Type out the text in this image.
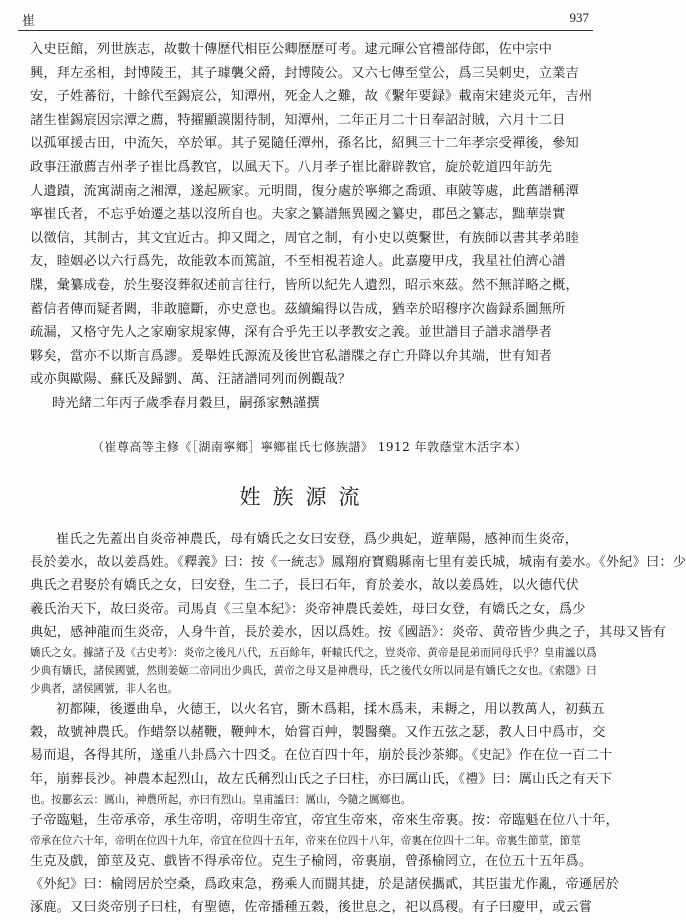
崔	937

入史臣館，列世族志，故數十傳歷代相臣公卿歷歷可考。逮元暉公官禮部侍郎，佐中宗中

興，拜左丞相，封博陵王，其子璩襲父爵，封博陵公。又六七傳至堂公，爲三吴刺史，立業吉

安，子姓蕃衍，十餘代至錫宸公，知潭州，死金人之難，故《繫年要録》載南宋建炎元年，吉州

諸生崔錫宸因宗潭之薦，特擢顯謨閣待制，知潭州，二年正月二十日奉詔討賊，六月十二日

以孤軍援古田，中流矢，卒於軍。其子冕隨任潭州，孫名比，紹興三十二年孝宗受禪後，參知

政事汪澈薦吉州孝子崔比爲教官，以風天下。八月孝子崔比辭辟教官，旋於乾道四年訪先

人遺蹟，流寓湖南之湘潭，遂起厥家。元明間，復分處於寧鄉之喬頭、車陂等處，此舊譜稱潭

寧崔氏者，不忘乎始遷之基以沒所自也。夫家之纂譜無異國之纂史，郡邑之纂志，黜華崇實

以徵信，其制古，其文宜近古。抑又聞之，周官之制，有小史以奠繫世，有族師以書其孝弟睦

友，睦姻必以六行爲先，故能敦本而篤誼，不至相視若途人。此嘉慶甲戌，我星社伯濟心譜

牒，彙纂成卷，於生娶沒葬叙述前言往行，皆所以紀先人遺烈，昭示來茲。然不無詳略之概，

蓄信者傳而疑者闕，非敢臆斷，亦史意也。茲續編得以告成，猶幸於昭穆序次齒録系圖無所

疏漏，又格守先人之家廟家規家傳，深有合乎先王以孝教安之義。並世譜目子譜求譜學者

夥矣，當亦不以斯言爲謬。爰舉姓氏源流及後世官私譜牒之存亡升降以弁其端，世有知者

或亦與歐陽、蘇氏及歸劉、萬、汪諸譜同列而例觀哉？

時光緒二年丙子歲季春月穀旦，嗣孫家𤍠謹撰

（崔尊高等主修《［湖南寧鄉］寧鄉崔氏七修族譜》 1912 年敦蔭堂木活字本）
姓族源流

崔氏之先蓋出自炎帝神農氏，母有嬌氏之女曰安登，爲少典妃，遊華陽，感神而生炎帝，

長於姜水，故以姜爲姓。《釋義》曰：按《一統志》鳳翔府寶鷄縣南七里有姜氏城，城南有姜水。《外紀》曰：少

典氏之君娶於有嬌氏之女，曰安登，生二子，長曰石年，育於姜水，故以姜爲姓，以火德代伏

羲氏治天下，故曰炎帝。司馬貞《三皇本紀》：炎帝神農氏姜姓，母曰女登，有嬌氏之女，爲少

典妃，感神龍而生炎帝，人身牛首，長於姜水，因以爲姓。按《國語》：炎帝、黄帝皆少典之子，其母又皆有

嬌氏之女。據諸子及《古史考》：炎帝之後凡八代，五百餘年，軒轅氏代之，豈炎帝、黄帝是昆弟而同母氏乎？皇甫謐以爲

少典有嬌氏，諸侯國號，然則姜姬二帝同出少典氏，黄帝之母又是神農母，氏之後代女所以同是有嬌氏之女也。《索隱》曰

少典者，諸侯國號，非人名也。

初都陳，後遷曲阜，火德王，以火名官，斵木爲耜，揉木爲耒，耒耨之，用以教萬人，初蓺五

穀，故號神農氏。作蜡祭以赭鞭，鞭艸木，始嘗百艸，製醫藥。又作五弦之瑟，教人日中爲市，交

易而退，各得其所，遂重八卦爲六十四爻。在位百四十年，崩於長沙茶鄉。《史記》作在位一百二十

年，崩葬長沙。神農本起烈山，故左氏稱烈山氏之子曰柱，亦曰厲山氏，《禮》曰：厲山氏之有天下

也。按酈玄云：厲山，神農所起，亦曰有烈山。皇甫謐曰：厲山，今隨之厲鄉也。

子帝臨魁，生帝承帝，承生帝明，帝明生帝宜，帝宜生帝來，帝來生帝裏。按：帝臨魁在位八十年，

帝承在位六十年，帝明在位四十九年，帝宜在位四十五年，帝來在位四十八年，帝裏在位四十二年。帝裏生節莖，節莖

生克及戲，節莖及克、戲皆不得承帝位。克生子榆罔，帝裏崩，曾孫榆罔立，在位五十五年爲。

《外紀》曰：榆罔居於空桑，爲政束急，務乘人而闘其捷，於是諸侯攜貳，其臣蚩尤作亂，帝遜居於

涿鹿。又曰炎帝別子曰柱，有聖德，佐帝播種五穀，後世息之，祀以爲稷。有子曰慶甲，或云嘗
